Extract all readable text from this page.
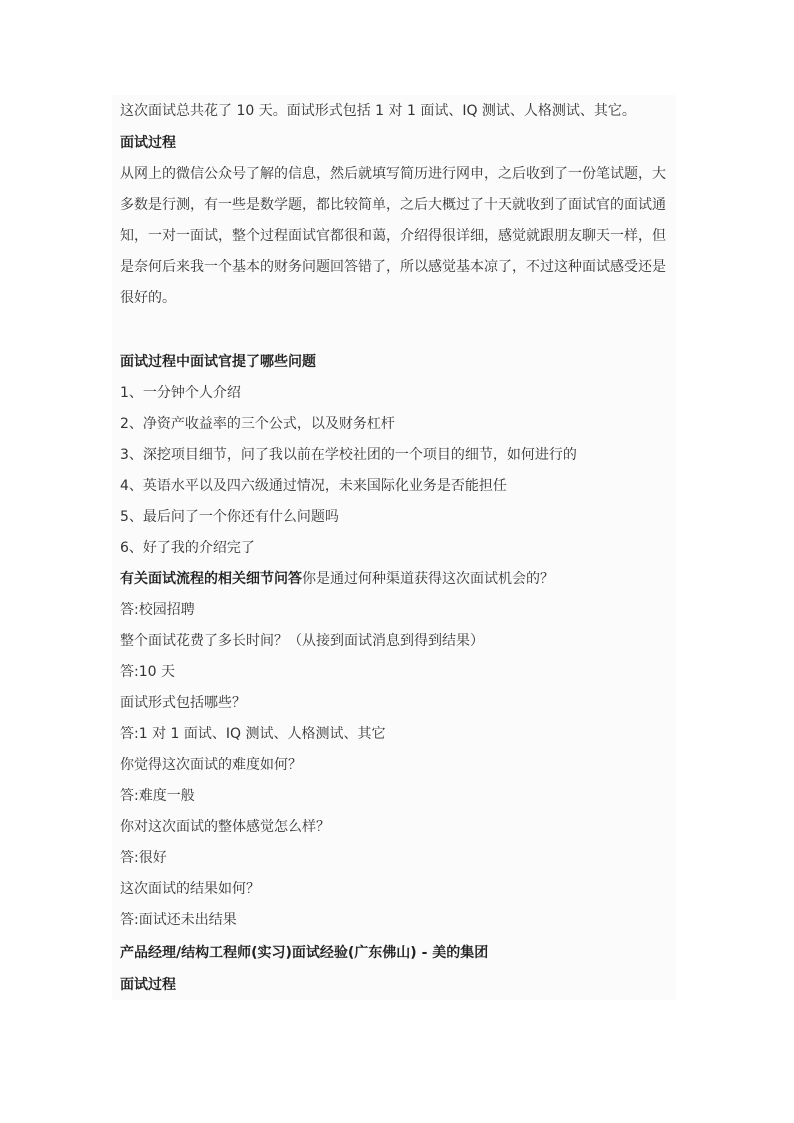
这次面试总共花了 10 天。面试形式包括 1 对 1 面试、IQ 测试、人格测试、其它。
面试过程
从网上的微信公众号了解的信息，然后就填写简历进行网申，之后收到了一份笔试题，大
多数是行测，有一些是数学题，都比较简单，之后大概过了十天就收到了面试官的面试通
知，一对一面试，整个过程面试官都很和蔼，介绍得很详细，感觉就跟朋友聊天一样，但
是奈何后来我一个基本的财务问题回答错了，所以感觉基本凉了，不过这种面试感受还是
很好的。
面试过程中面试官提了哪些问题
1、一分钟个人介绍
2、净资产收益率的三个公式，以及财务杠杆
3、深挖项目细节，问了我以前在学校社团的一个项目的细节，如何进行的
4、英语水平以及四六级通过情况，未来国际化业务是否能担任
5、最后问了一个你还有什么问题吗
6、好了我的介绍完了
有关面试流程的相关细节问答你是通过何种渠道获得这次面试机会的？
答:校园招聘
整个面试花费了多长时间？（从接到面试消息到得到结果）
答:10 天
面试形式包括哪些？
答:1 对 1 面试、IQ 测试、人格测试、其它
你觉得这次面试的难度如何？
答:难度一般
你对这次面试的整体感觉怎么样？
答:很好
这次面试的结果如何？
答:面试还未出结果
产品经理/结构工程师(实习)面试经验(广东佛山) - 美的集团
面试过程
